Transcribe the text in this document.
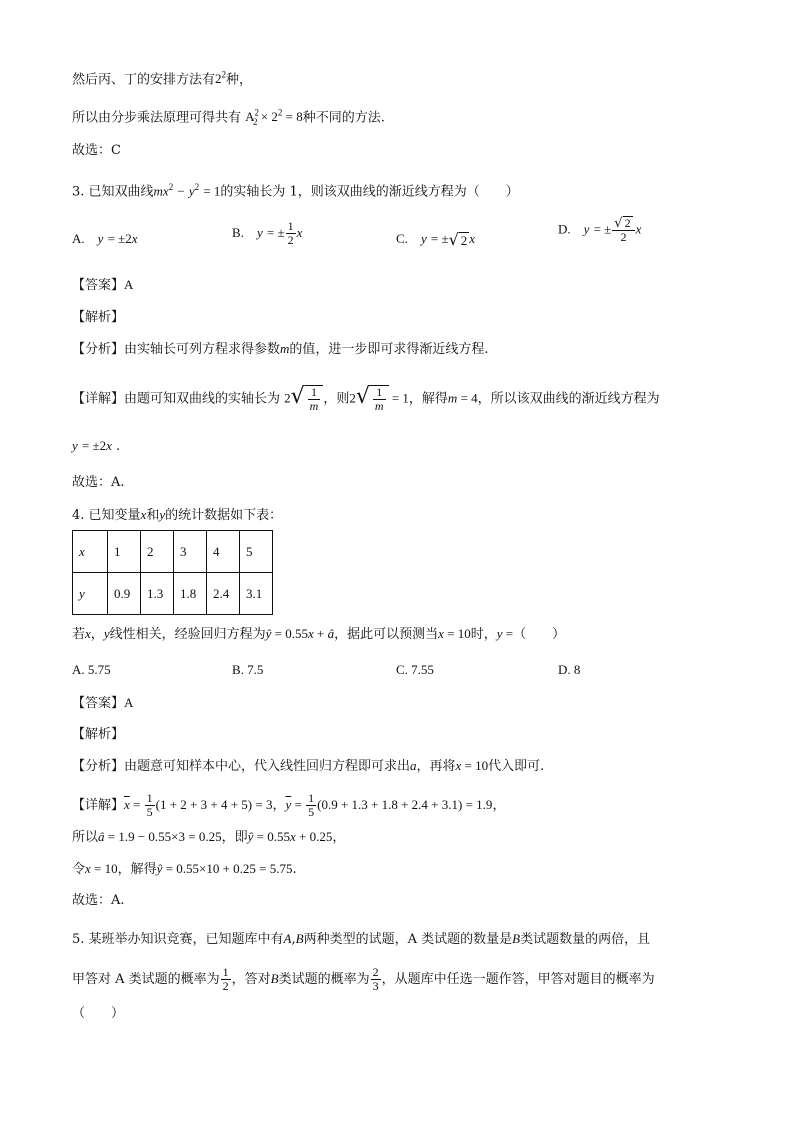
然后丙、丁的安排方法有$2^2$种，
所以由分步乘法原理可得共有 $A^2_2 \times 2^2 = 8$种不同的方法.
故选：C
3. 已知双曲线$mx^2 - y^2 = 1$的实轴长为 1，则该双曲线的渐近线方程为（　　）
A.　 y = ±2x	B.　 y = ± $\frac{1}{2}$ x	C.　 y = ±√ 2 x
D.　 y = ± $\frac{√ 2}{2}$ x
【答案】A
【解析】
【分析】由实轴长可列方程求得参数m的值，进一步即可求得渐近线方程.
【详解】由题可知双曲线的实轴长为 $2√ \frac{1}{m}$ ，则$2√ \frac{1}{m} = 1$，解得m = 4，所以该双曲线的渐近线方程为
y = ±2x .
故选：A.
4. 已知变量x和y的统计数据如下表：
x	1	2	3	4	5
y	0.9	1.3	1.8	2.4	3.1
若x，y线性相关，经验回归方程为ŷ = 0.55x + â，据此可以预测当x = 10时，y =（　　）
A. 5.75	B. 7.5	C. 7.55	D. 8
【答案】A
【解析】
【分析】由题意可知样本中心，代入线性回归方程即可求出a，再将x = 10代入即可.
【详解】$\overline{x} = \frac{1}{5} (1 + 2 + 3 + 4 + 5) = 3$，$\overline{y} = \frac{1}{5} (0.9 + 1.3 + 1.8 + 2.4 + 3.1) = 1.9$，
所以â = 1.9 − 0.55×3 = 0.25，即ŷ = 0.55x + 0.25，
令x = 10，解得ŷ = 0.55×10 + 0.25 = 5.75.
故选：A.
5. 某班举办知识竞赛，已知题库中有A,B两种类型的试题，A 类试题的数量是B类试题数量的两倍，且
甲答对 A 类试题的概率为 $\frac{1}{2}$ ，答对B类试题的概率为 $\frac{2}{3}$ ，从题库中任选一题作答，甲答对题目的概率为
（　　）
